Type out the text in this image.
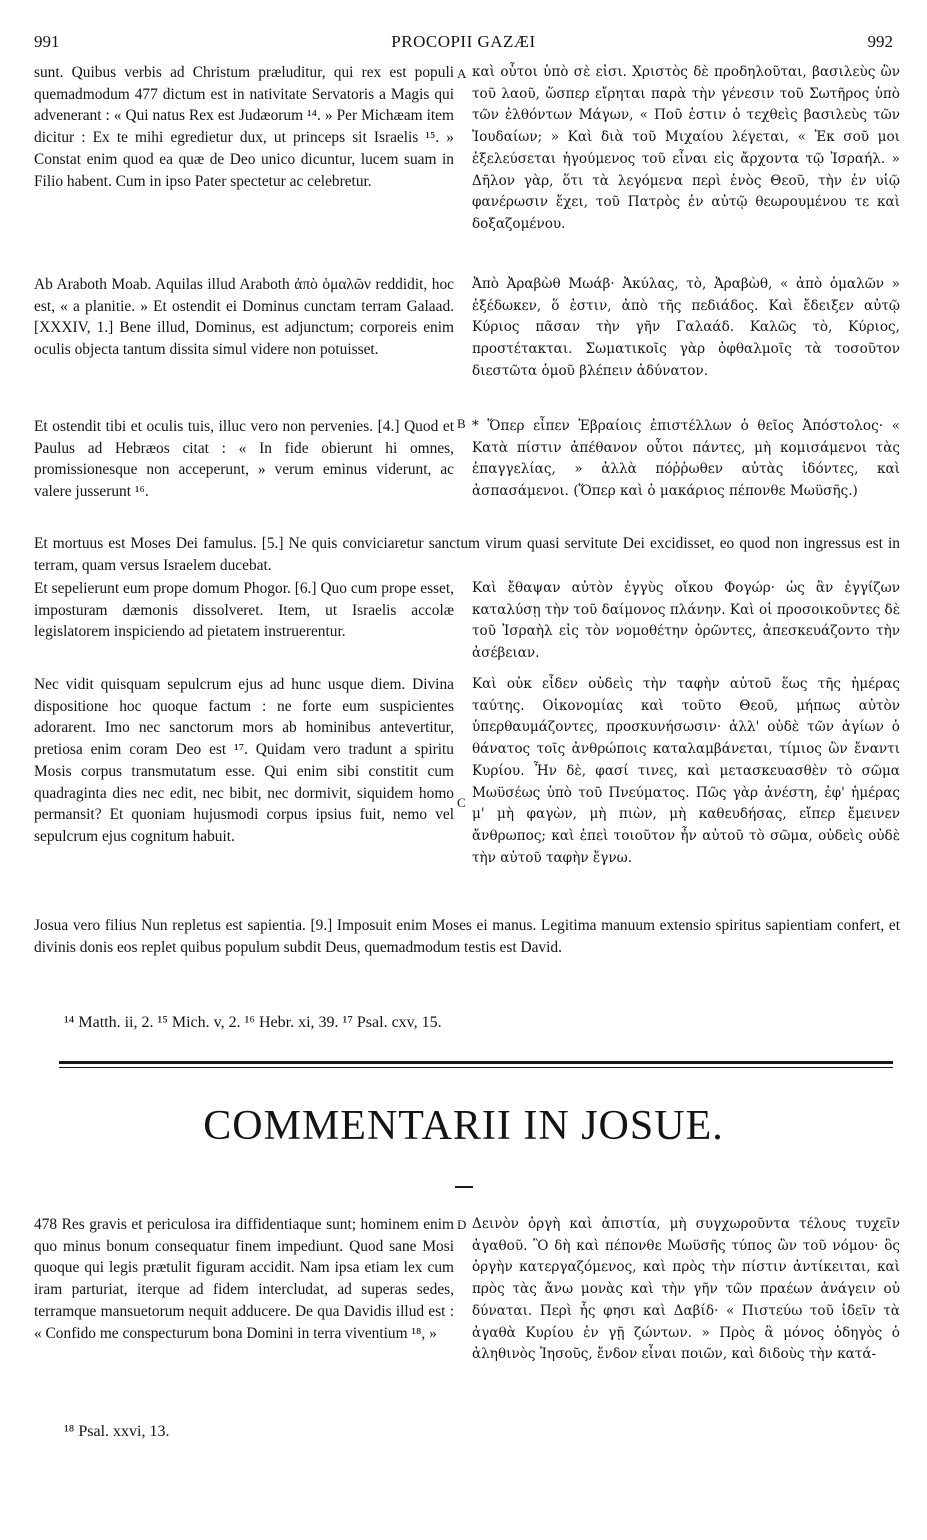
991	PROCOPII GAZÆI	992

sunt. Quibus verbis ad Christum præluditur, qui rex est populi quemadmodum 477 dictum est in nativitate Servatoris a Magis qui advenerant : « Qui natus Rex est Judæorum ¹⁴. » Per Michæam item dicitur : Ex te mihi egredietur dux, ut princeps sit Israelis ¹⁵. » Constat enim quod ea quæ de Deo unico dicuntur, lucem suam in Filio habent. Cum in ipso Pater spectetur ac celebretur.

καὶ οὗτοι ὑπὸ σὲ εἰσι. Χριστὸς δὲ προδηλοῦται, βασιλεὺς ὢν τοῦ λαοῦ, ὥσπερ εἴρηται παρὰ τὴν γένεσιν τοῦ Σωτῆρος ὑπὸ τῶν ἐλθόντων Μάγων, « Ποῦ ἐστιν ὁ τεχθεὶς βασιλεὺς τῶν Ἰουδαίων; » Καὶ διὰ τοῦ Μιχαίου λέγεται, « Ἐκ σοῦ μοι ἐξελεύσεται ἡγούμενος τοῦ εἶναι εἰς ἄρχοντα τῷ Ἰσραήλ. » Δῆλον γὰρ, ὅτι τὰ λεγόμενα περὶ ἑνὸς Θεοῦ, τὴν ἐν υἱῷ φανέρωσιν ἔχει, τοῦ Πατρὸς ἐν αὐτῷ θεωρουμένου τε καὶ δοξαζομένου.

Ab Araboth Moab. Aquilas illud Araboth ἀπὸ ὁμαλῶν reddidit, hoc est, « a planitie. » Et ostendit ei Dominus cunctam terram Galaad. [XXXIV, 1.] Bene illud, Dominus, est adjunctum; corporeis enim oculis objecta tantum dissita simul videre non potuisset.

Ἀπὸ Ἀραβὼθ Μωάβ· Ἀκύλας, τὸ, Ἀραβὼθ, « ἀπὸ ὁμαλῶν » ἐξέδωκεν, ὅ ἐστιν, ἀπὸ τῆς πεδιάδος. Καὶ ἔδειξεν αὐτῷ Κύριος πᾶσαν τὴν γῆν Γαλαάδ. Καλῶς τὸ, Κύριος, προστέτακται. Σωματικοῖς γὰρ ὀφθαλμοῖς τὰ τοσοῦτον διεστῶτα ὁμοῦ βλέπειν ἀδύνατον.

Et ostendit tibi et oculis tuis, illuc vero non pervenies. [4.] Quod et Paulus ad Hebræos citat : « In fide obierunt hi omnes, promissionesque non acceperunt, » verum eminus viderunt, ac valere jusserunt ¹⁶.

* Ὅπερ εἶπεν Ἑβραίοις ἐπιστέλλων ὁ θεῖος Ἀπόστολος· « Κατὰ πίστιν ἀπέθανον οὗτοι πάντες, μὴ κομισάμενοι τὰς ἐπαγγελίας, » ἀλλὰ πόῤῥωθεν αὐτὰς ἰδόντες, καὶ ἀσπασάμενοι. (Ὅπερ καὶ ὁ μακάριος πέπονθε Μωϋσῆς.)

Et mortuus est Moses Dei famulus. [5.] Ne quis conviciaretur sanctum virum quasi servitute Dei excidisset, eo quod non ingressus est in terram, quam versus Israelem ducebat.

Et sepelierunt eum prope domum Phogor. [6.] Quo cum prope esset, imposturam dæmonis dissolveret. Item, ut Israelis accolæ legislatorem inspiciendo ad pietatem instruerentur.

Καὶ ἔθαψαν αὐτὸν ἐγγὺς οἴκου Φογώρ· ὡς ἂν ἐγγίζων καταλύσῃ τὴν τοῦ δαίμονος πλάνην. Καὶ οἱ προσοικοῦντες δὲ τοῦ Ἰσραὴλ εἰς τὸν νομοθέτην ὁρῶντες, ἀπεσκευάζοντο τὴν ἀσέβειαν.

Nec vidit quisquam sepulcrum ejus ad hunc usque diem. Divina dispositione hoc quoque factum : ne forte eum suspicientes adorarent. Imo nec sanctorum mors ab hominibus antevertitur, pretiosa enim coram Deo est ¹⁷. Quidam vero tradunt a spiritu Mosis corpus transmutatum esse. Qui enim sibi constitit cum quadraginta dies nec edit, nec bibit, nec dormivit, siquidem homo permansit? Et quoniam hujusmodi corpus ipsius fuit, nemo vel sepulcrum ejus cognitum habuit.

Καὶ οὐκ εἶδεν οὐδεὶς τὴν ταφὴν αὐτοῦ ἕως τῆς ἡμέρας ταύτης. Οἰκονομίας καὶ τοῦτο Θεοῦ, μήπως αὐτὸν ὑπερθαυμάζοντες, προσκυνήσωσιν· ἀλλ' οὐδὲ τῶν ἁγίων ὁ θάνατος τοῖς ἀνθρώποις καταλαμβάνεται, τίμιος ὢν ἔναντι Κυρίου. Ἦν δὲ, φασί τινες, καὶ μετασκευασθὲν τὸ σῶμα Μωϋσέως ὑπὸ τοῦ Πνεύματος. Πῶς γὰρ ἀνέστη, ἐφ' ἡμέρας μ' μὴ φαγὼν, μὴ πιὼν, μὴ καθευδήσας, εἴπερ ἔμεινεν ἄνθρωπος; καὶ ἐπεὶ τοιοῦτον ἦν αὐτοῦ τὸ σῶμα, οὐδεὶς οὐδὲ τὴν αὐτοῦ ταφὴν ἔγνω.

Josua vero filius Nun repletus est sapientia. [9.] Imposuit enim Moses ei manus. Legitima manuum extensio spiritus sapientiam confert, et divinis donis eos replet quibus populum subdit Deus, quemadmodum testis est David.

¹⁴ Matth. ii, 2. ¹⁵ Mich. v, 2. ¹⁶ Hebr. xi, 39. ¹⁷ Psal. cxv, 15.
COMMENTARII IN JOSUE.

478 Res gravis et periculosa ira diffidentiaque sunt; hominem enim quo minus bonum consequatur finem impediunt. Quod sane Mosi quoque qui legis prætulit figuram accidit. Nam ipsa etiam lex cum iram parturiat, iterque ad fidem intercludat, ad superas sedes, terramque mansuetorum nequit adducere. De qua Davidis illud est : « Confido me conspecturum bona Domini in terra viventium ¹⁸, »

Δεινὸν ὀργὴ καὶ ἀπιστία, μὴ συγχωροῦντα τέλους τυχεῖν ἀγαθοῦ. Ὃ δὴ καὶ πέπονθε Μωϋσῆς τύπος ὢν τοῦ νόμου· ὃς ὀργὴν κατεργαζόμενος, καὶ πρὸς τὴν πίστιν ἀντίκειται, καὶ πρὸς τὰς ἄνω μονὰς καὶ τὴν γῆν τῶν πραέων ἀνάγειν οὐ δύναται. Περὶ ἧς φησι καὶ Δαβίδ· « Πιστεύω τοῦ ἰδεῖν τὰ ἀγαθὰ Κυρίου ἐν γῇ ζώντων. » Πρὸς ἃ μόνος ὁδηγὸς ὁ ἀληθινὸς Ἰησοῦς, ἔνδον εἶναι ποιῶν, καὶ διδοὺς τὴν κατά-

¹⁸ Psal. xxvi, 13.
A
B
C
D
